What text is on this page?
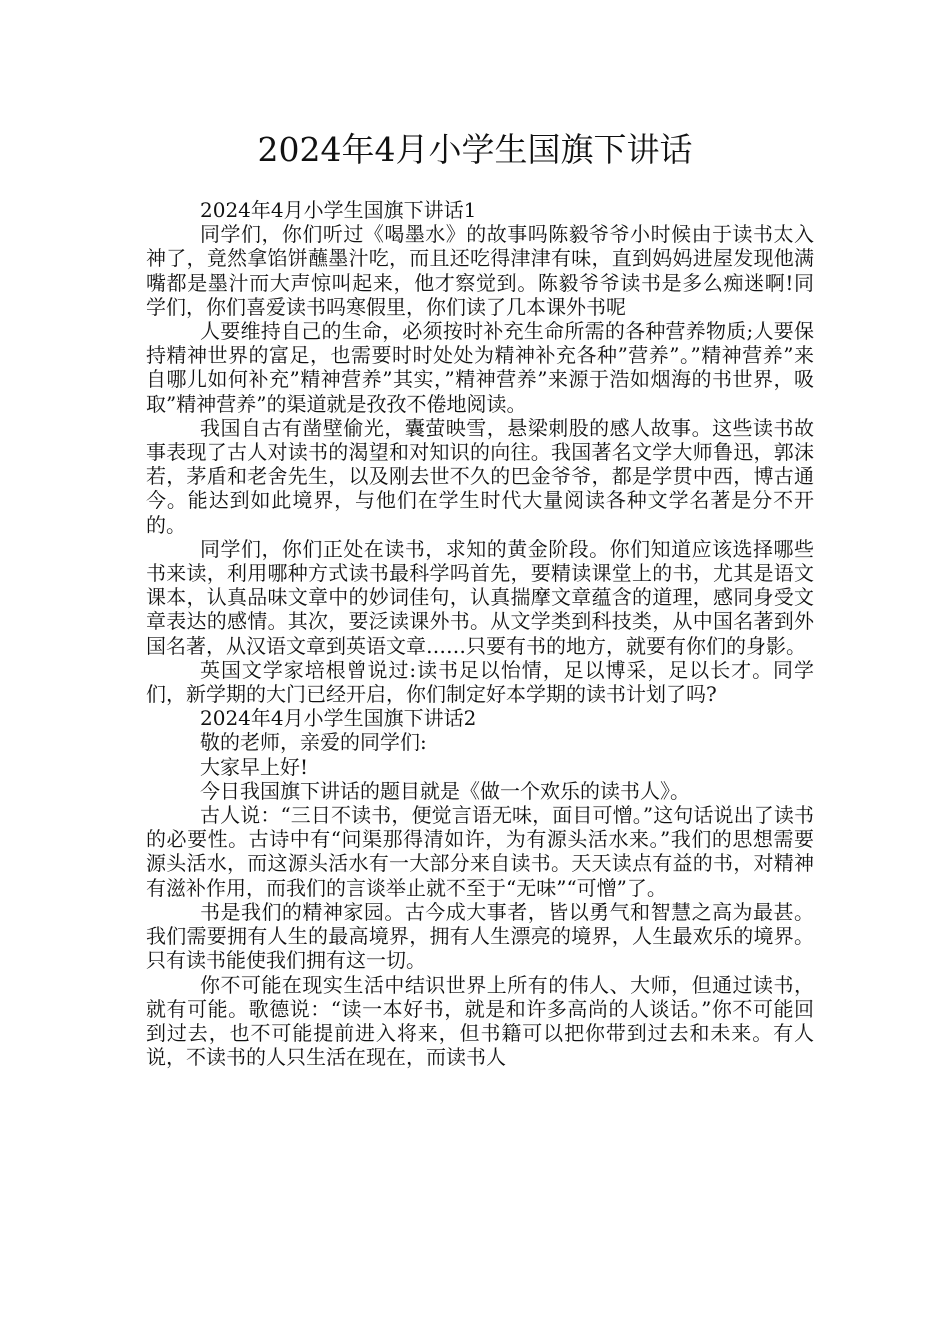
2024年4月小学生国旗下讲话

2024年4月小学生国旗下讲话1

同学们，你们听过《喝墨水》的故事吗陈毅爷爷小时候由于读书太入神了，竟然拿馅饼蘸墨汁吃，而且还吃得津津有味，直到妈妈进屋发现他满嘴都是墨汁而大声惊叫起来，他才察觉到。陈毅爷爷读书是多么痴迷啊!同学们，你们喜爱读书吗寒假里，你们读了几本课外书呢

人要维持自己的生命，必须按时补充生命所需的各种营养物质;人要保持精神世界的富足，也需要时时处处为精神补充各种”营养”。”精神营养”来自哪儿如何补充”精神营养”其实，”精神营养”来源于浩如烟海的书世界，吸取”精神营养”的渠道就是孜孜不倦地阅读。

我国自古有凿壁偷光，囊萤映雪，悬梁刺股的感人故事。这些读书故事表现了古人对读书的渴望和对知识的向往。我国著名文学大师鲁迅，郭沫若，茅盾和老舍先生，以及刚去世不久的巴金爷爷，都是学贯中西，博古通今。能达到如此境界，与他们在学生时代大量阅读各种文学名著是分不开的。

同学们，你们正处在读书，求知的黄金阶段。你们知道应该选择哪些书来读，利用哪种方式读书最科学吗首先，要精读课堂上的书，尤其是语文课本，认真品味文章中的妙词佳句，认真揣摩文章蕴含的道理，感同身受文章表达的感情。其次，要泛读课外书。从文学类到科技类，从中国名著到外国名著，从汉语文章到英语文章……只要有书的地方，就要有你们的身影。

英国文学家培根曾说过:读书足以怡情，足以博采，足以长才。同学们，新学期的大门已经开启，你们制定好本学期的读书计划了吗?

2024年4月小学生国旗下讲话2

敬的老师，亲爱的同学们:

大家早上好!

今日我国旗下讲话的题目就是《做一个欢乐的读书人》。

古人说：“三日不读书，便觉言语无味，面目可憎。”这句话说出了读书的必要性。古诗中有“问渠那得清如许，为有源头活水来。”我们的思想需要源头活水，而这源头活水有一大部分来自读书。天天读点有益的书，对精神有滋补作用，而我们的言谈举止就不至于“无味”“可憎”了。

书是我们的精神家园。古今成大事者，皆以勇气和智慧之高为最甚。我们需要拥有人生的最高境界，拥有人生漂亮的境界，人生最欢乐的境界。只有读书能使我们拥有这一切。

你不可能在现实生活中结识世界上所有的伟人、大师，但通过读书，就有可能。歌德说：“读一本好书，就是和许多高尚的人谈话。”你不可能回到过去，也不可能提前进入将来，但书籍可以把你带到过去和未来。有人说，不读书的人只生活在现在，而读书人
